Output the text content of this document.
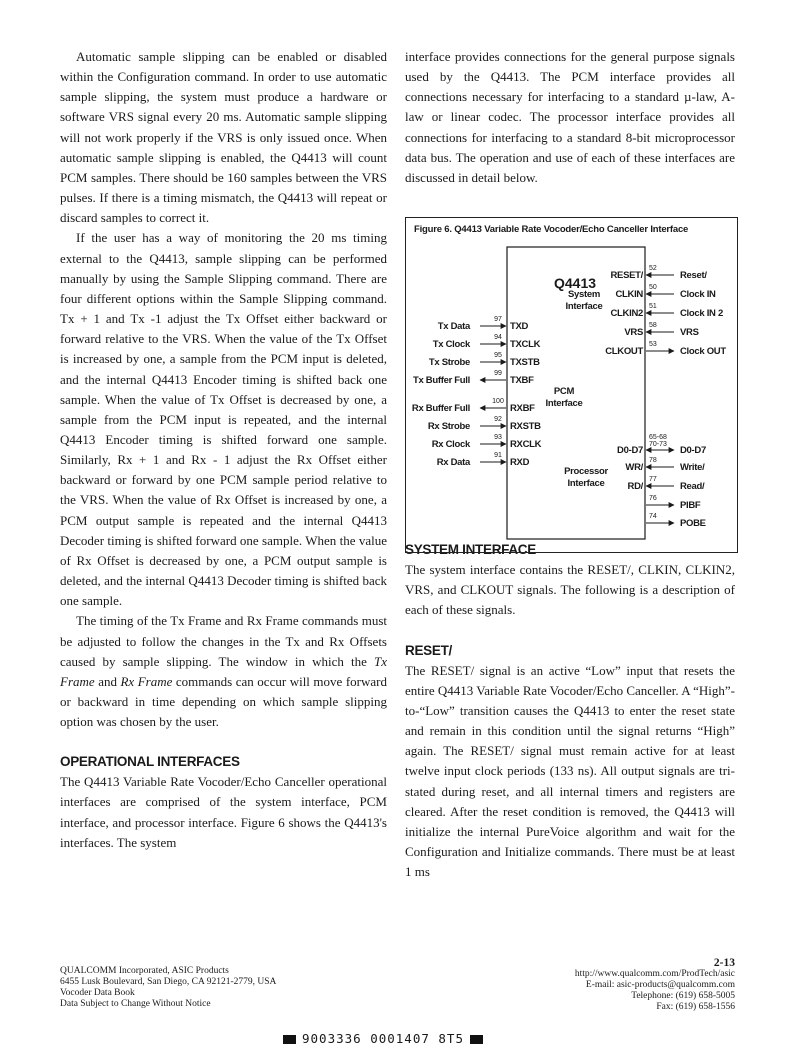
Automatic sample slipping can be enabled or disabled within the Configuration command. In order to use automatic sample slipping, the system must produce a hardware or software VRS signal every 20 ms. Automatic sample slipping will not work properly if the VRS is only issued once. When automatic sample slipping is enabled, the Q4413 will count PCM samples. There should be 160 samples between the VRS pulses. If there is a timing mismatch, the Q4413 will repeat or discard samples to correct it.

If the user has a way of monitoring the 20 ms timing external to the Q4413, sample slipping can be performed manually by using the Sample Slipping command. There are four different options within the Sample Slipping command. Tx + 1 and Tx -1 adjust the Tx Offset either backward or forward relative to the VRS. When the value of the Tx Offset is increased by one, a sample from the PCM input is deleted, and the internal Q4413 Encoder timing is shifted back one sample. When the value of Tx Offset is decreased by one, a sample from the PCM input is repeated, and the internal Q4413 Encoder timing is shifted forward one sample. Similarly, Rx + 1 and Rx - 1 adjust the Rx Offset either backward or forward by one PCM sample period relative to the VRS. When the value of Rx Offset is increased by one, a PCM output sample is repeated and the internal Q4413 Decoder timing is shifted forward one sample. When the value of Rx Offset is decreased by one, a PCM output sample is deleted, and the internal Q4413 Decoder timing is shifted back one sample.

The timing of the Tx Frame and Rx Frame commands must be adjusted to follow the changes in the Tx and Rx Offsets caused by sample slipping. The window in which the Tx Frame and Rx Frame commands can occur will move forward or backward in time depending on which sample slipping option was chosen by the user.

OPERATIONAL INTERFACES

The Q4413 Variable Rate Vocoder/Echo Canceller operational interfaces are comprised of the system interface, PCM interface, and processor interface. Figure 6 shows the Q4413's interfaces. The system

interface provides connections for the general purpose signals used by the Q4413. The PCM interface provides all connections necessary for interfacing to a standard µ-law, A-law or linear codec. The processor interface provides all connections for interfacing to a standard 8-bit microprocessor data bus. The operation and use of each of these interfaces are discussed in detail below.

SYSTEM INTERFACE

The system interface contains the RESET/, CLKIN, CLKIN2, VRS, and CLKOUT signals. The following is a description of each of these signals.

RESET/

The RESET/ signal is an active “Low” input that resets the entire Q4413 Variable Rate Vocoder/Echo Canceller. A “High”-to-“Low” transition causes the Q4413 to enter the reset state and remain in this condition until the signal returns “High” again. The RESET/ signal must remain active for at least twelve input clock periods (133 ns). All output signals are tri-stated during reset, and all internal timers and registers are cleared. After the reset condition is removed, the Q4413 will initialize the internal PureVoice algorithm and wait for the Configuration and Initialize commands. There must be at least 1 ms

Figure 6. Q4413 Variable Rate Vocoder/Echo Canceller Interface
Q4413
System
Interface
PCM
Interface
Processor
Interface
Tx Data	TXD
97
Tx Clock	TXCLK
94
Tx Strobe	TXSTB
95
Tx Buffer Full	TXBF
99
Rx Buffer Full	RXBF
100
Rx Strobe	RXSTB
92
Rx Clock	RXCLK
93
Rx Data	RXD
91
RESET/
52
Reset/
CLKIN
50
Clock IN
CLKIN2
51
Clock IN 2
VRS
58
VRS
CLKOUT
53
Clock OUT
D0-D7
65-68
70-73
D0-D7
WR/
78
Write/
RD/
77
Read/
76
PIBF
74
POBE
2-13
QUALCOMM Incorporated, ASIC Products
6455 Lusk Boulevard, San Diego, CA 92121-2779, USA
Vocoder Data Book
Data Subject to Change Without Notice
http://www.qualcomm.com/ProdTech/asic
E-mail: asic-products@qualcomm.com
Telephone: (619) 658-5005
Fax: (619) 658-1556
9003336 0001407 8T5
